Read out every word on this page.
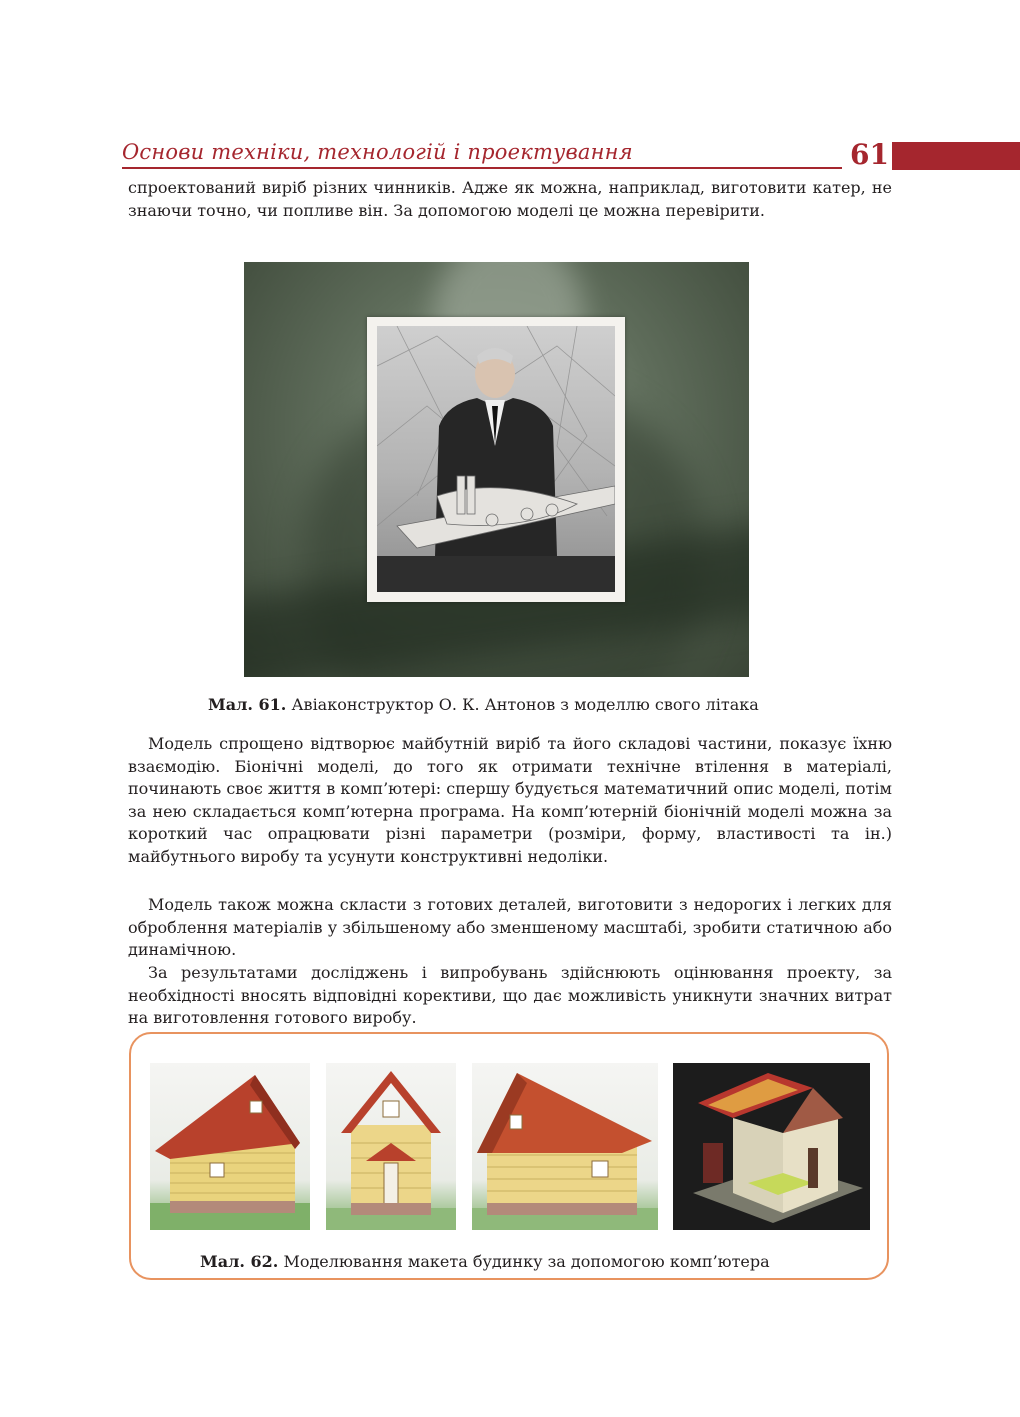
Основи техніки, технологій і проектування	61

спроектований виріб різних чинників. Адже як можна, наприклад, виготовити катер, не знаючи точно, чи попливе він. За допомогою моделі це можна перевірити.

Мал. 61. Авіаконструктор О. К. Антонов з моделлю свого літака

Модель спрощено відтворює майбутній виріб та його складові частини, показує їхню взаємодію. Біонічні моделі, до того як отримати технічне втілення в матеріалі, починають своє життя в комп’ютері: спершу будується математичний опис моделі, потім за нею складається комп’ютерна програма. На комп’ютерній біонічній моделі можна за короткий час опрацювати різні параметри (розміри, форму, властивості та ін.) майбутнього виробу та усунути конструктивні недоліки.

Модель також можна скласти з готових деталей, виготовити з недорогих і легких для оброблення матеріалів у збільшеному або зменшеному масштабі, зробити статичною або динамічною.

За результатами досліджень і випробувань здійснюють оцінювання проекту, за необхідності вносять відповідні корективи, що дає можливість уникнути значних витрат на виготовлення готового виробу.

Мал. 62. Моделювання макета будинку за допомогою комп’ютера
